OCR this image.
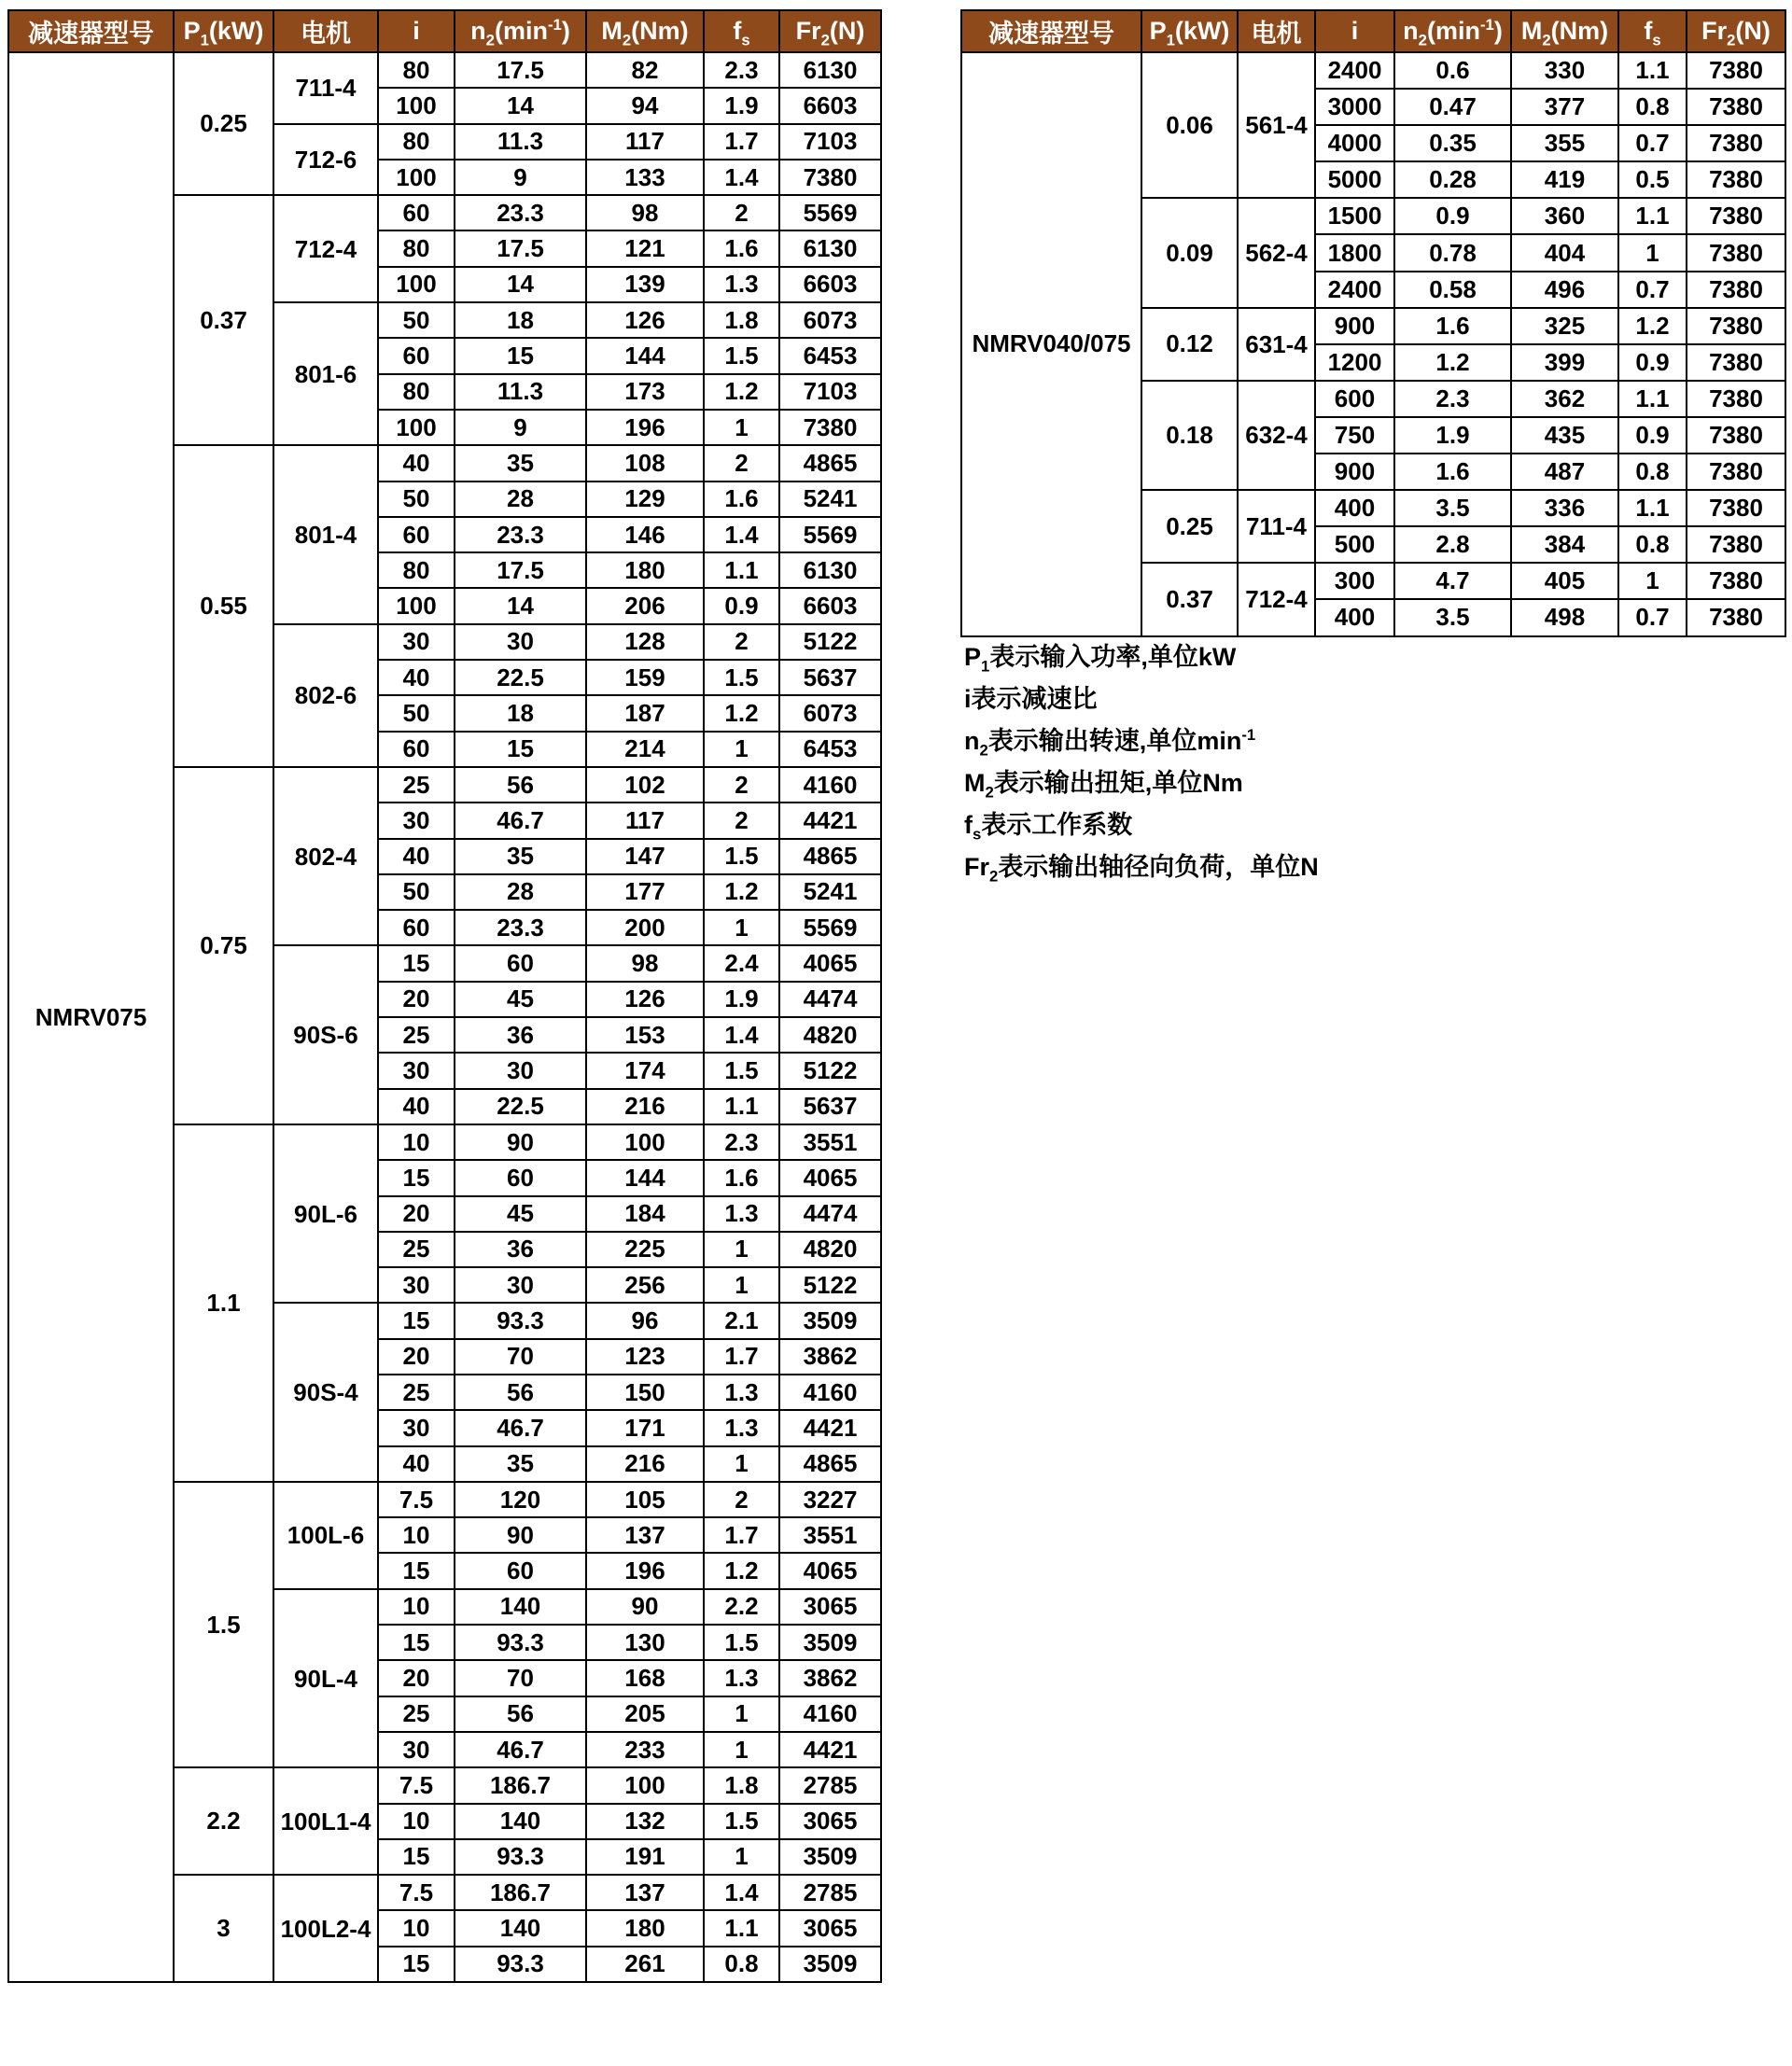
减速器型号	$P_1(kW)$	电机	i	$n_2(\min^{-1})$	$M_2(Nm)$	$f_s$	$Fr_2(N)$
NMRV075	0.25	711-4	80	17.5	82	2.3	6130
			100	14	94	1.9	6603
		712-6	80	11.3	117	1.7	7103
			100	9	133	1.4	7380
	0.37	712-4	60	23.3	98	2	5569
			80	17.5	121	1.6	6130
			100	14	139	1.3	6603
		801-6	50	18	126	1.8	6073
			60	15	144	1.5	6453
			80	11.3	173	1.2	7103
			100	9	196	1	7380
	0.55	801-4	40	35	108	2	4865
			50	28	129	1.6	5241
			60	23.3	146	1.4	5569
			80	17.5	180	1.1	6130
			100	14	206	0.9	6603
		802-6	30	30	128	2	5122
			40	22.5	159	1.5	5637
			50	18	187	1.2	6073
			60	15	214	1	6453
	0.75	802-4	25	56	102	2	4160
			30	46.7	117	2	4421
			40	35	147	1.5	4865
			50	28	177	1.2	5241
			60	23.3	200	1	5569
		90S-6	15	60	98	2.4	4065
			20	45	126	1.9	4474
			25	36	153	1.4	4820
			30	30	174	1.5	5122
			40	22.5	216	1.1	5637
	1.1	90L-6	10	90	100	2.3	3551
			15	60	144	1.6	4065
			20	45	184	1.3	4474
			25	36	225	1	4820
			30	30	256	1	5122
		90S-4	15	93.3	96	2.1	3509
			20	70	123	1.7	3862
			25	56	150	1.3	4160
			30	46.7	171	1.3	4421
			40	35	216	1	4865
	1.5	100L-6	7.5	120	105	2	3227
			10	90	137	1.7	3551
			15	60	196	1.2	4065
		90L-4	10	140	90	2.2	3065
			15	93.3	130	1.5	3509
			20	70	168	1.3	3862
			25	56	205	1	4160
			30	46.7	233	1	4421
	2.2	100L1-4	7.5	186.7	100	1.8	2785
			10	140	132	1.5	3065
			15	93.3	191	1	3509
	3	100L2-4	7.5	186.7	137	1.4	2785
			10	140	180	1.1	3065
			15	93.3	261	0.8	3509
减速器型号	$P_1(kW)$	电机	i	$n_2(\min^{-1})$	$M_2(Nm)$	$f_s$	$Fr_2(N)$
NMRV040/075	0.06	561-4	2400	0.6	330	1.1	7380
			3000	0.47	377	0.8	7380
			4000	0.35	355	0.7	7380
			5000	0.28	419	0.5	7380
	0.09	562-4	1500	0.9	360	1.1	7380
			1800	0.78	404	1	7380
			2400	0.58	496	0.7	7380
	0.12	631-4	900	1.6	325	1.2	7380
			1200	1.2	399	0.9	7380
	0.18	632-4	600	2.3	362	1.1	7380
			750	1.9	435	0.9	7380
			900	1.6	487	0.8	7380
	0.25	711-4	400	3.5	336	1.1	7380
			500	2.8	384	0.8	7380
	0.37	712-4	300	4.7	405	1	7380
			400	3.5	498	0.7	7380
$P_1$表示输入功率,单位kW
i表示减速比
$n_2$表示输出转速,单位$\min^{-1}$
$M_2$表示输出扭矩,单位Nm
$f_s$表示工作系数
$Fr_2$表示输出轴径向负荷，单位N
